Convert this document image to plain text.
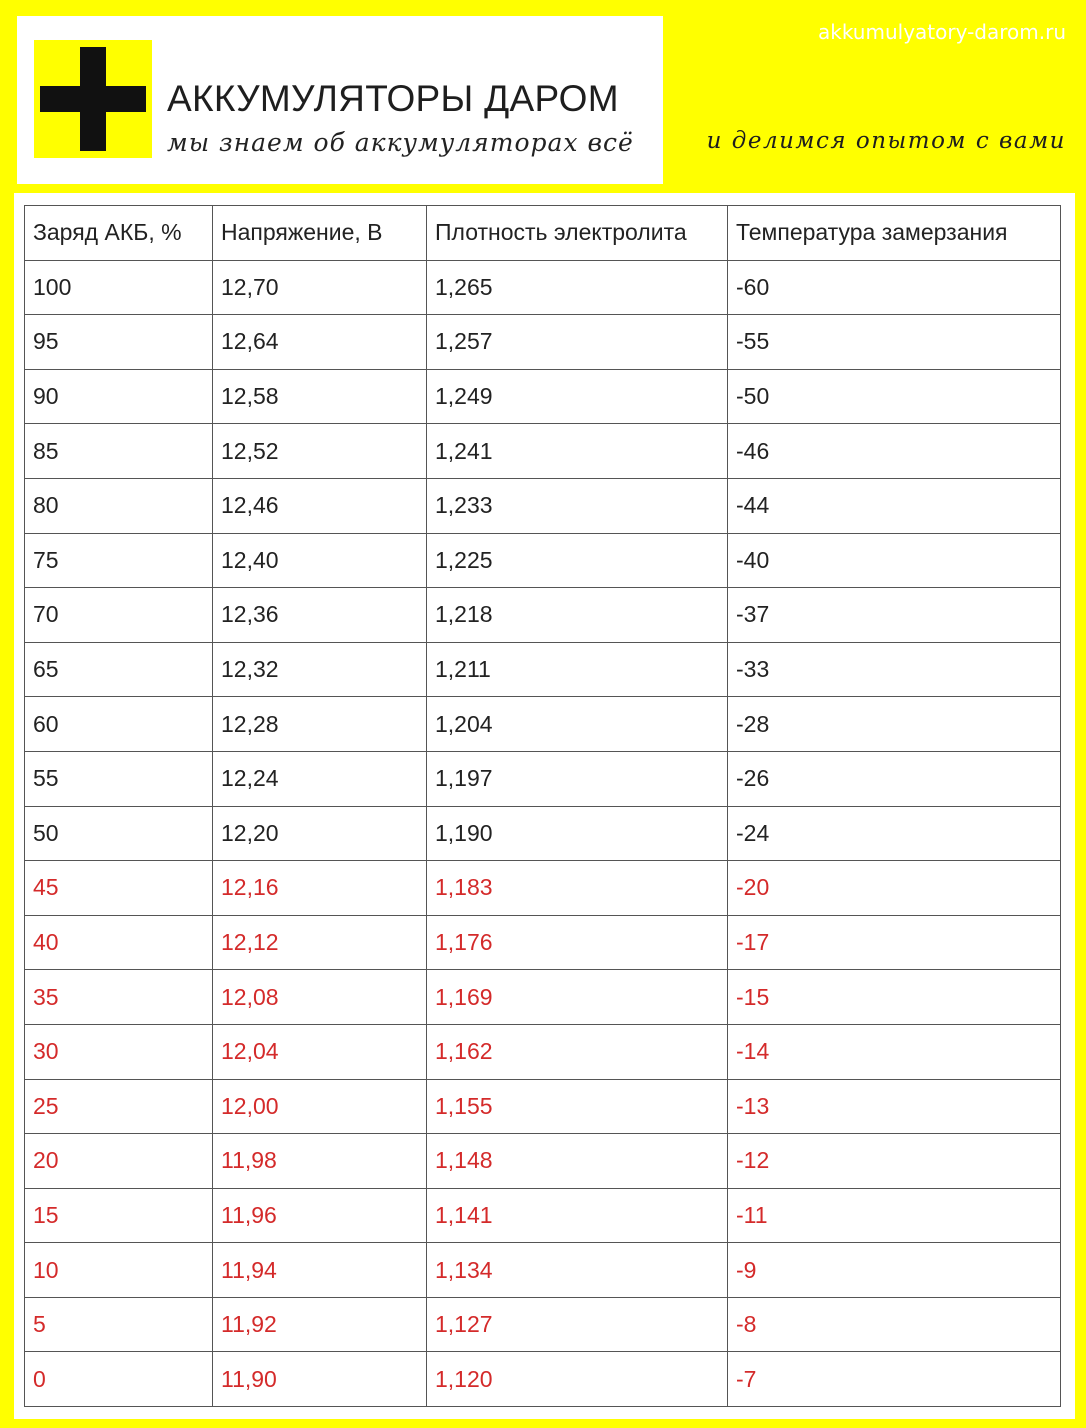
АККУМУЛЯТОРЫ ДАРОМ
мы знаем об аккумуляторах всё
akkumulyatory-darom.ru
и делимся опытом с вами
Заряд АКБ, %	Напряжение, В	Плотность электролита	Температура замерзания
100	12,70	1,265	-60
95	12,64	1,257	-55
90	12,58	1,249	-50
85	12,52	1,241	-46
80	12,46	1,233	-44
75	12,40	1,225	-40
70	12,36	1,218	-37
65	12,32	1,211	-33
60	12,28	1,204	-28
55	12,24	1,197	-26
50	12,20	1,190	-24
45	12,16	1,183	-20
40	12,12	1,176	-17
35	12,08	1,169	-15
30	12,04	1,162	-14
25	12,00	1,155	-13
20	11,98	1,148	-12
15	11,96	1,141	-11
10	11,94	1,134	-9
5	11,92	1,127	-8
0	11,90	1,120	-7
